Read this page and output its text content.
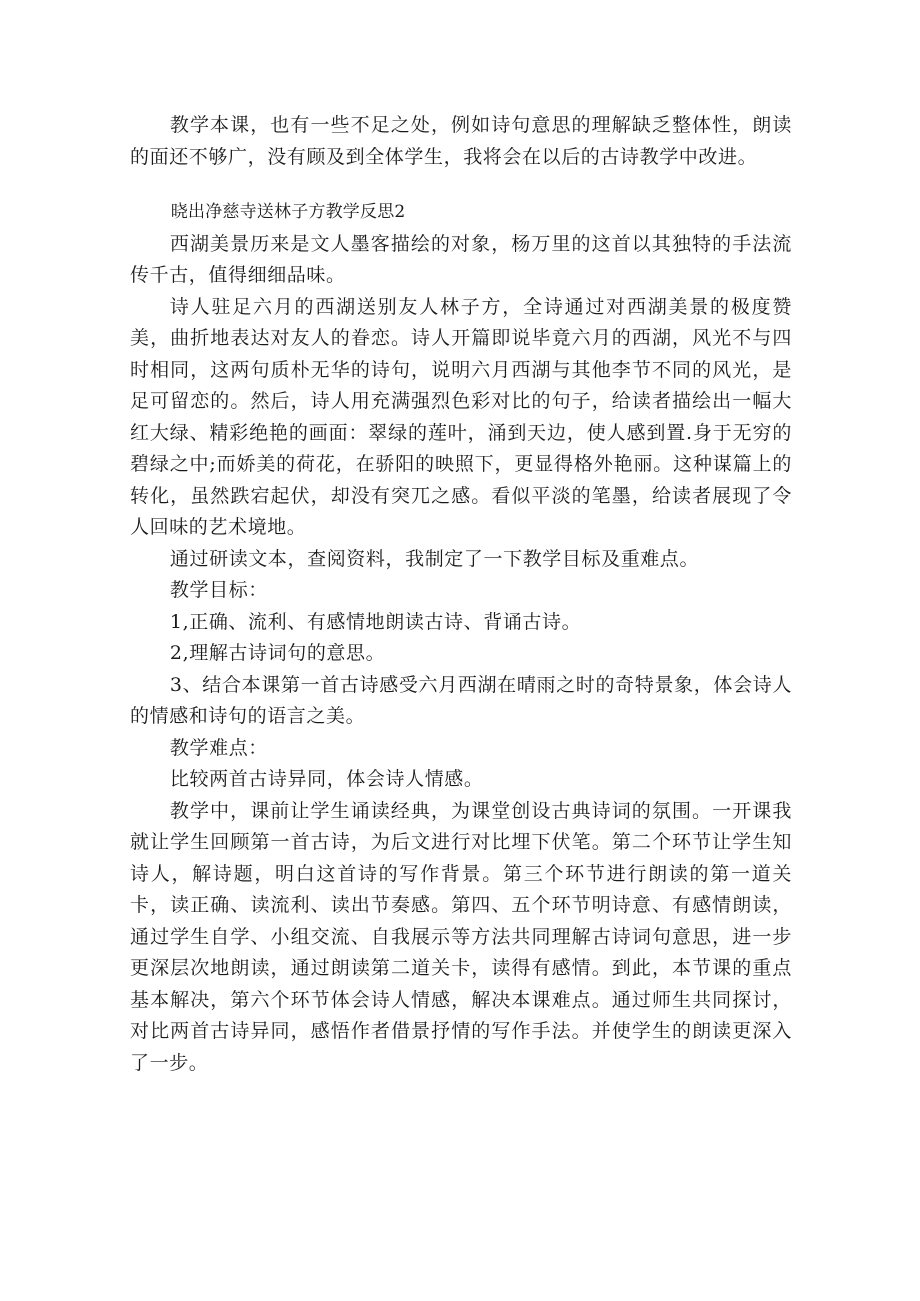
教学本课，也有一些不足之处，例如诗句意思的理解缺乏整体性，朗读的面还不够广，没有顾及到全体学生，我将会在以后的古诗教学中改进。

晓出净慈寺送林子方教学反思2

西湖美景历来是文人墨客描绘的对象，杨万里的这首以其独特的手法流传千古，值得细细品味。

诗人驻足六月的西湖送别友人林子方，全诗通过对西湖美景的极度赞美，曲折地表达对友人的眷恋。诗人开篇即说毕竟六月的西湖，风光不与四时相同，这两句质朴无华的诗句，说明六月西湖与其他李节不同的风光，是足可留恋的。然后，诗人用充满强烈色彩对比的句子，给读者描绘出一幅大红大绿、精彩绝艳的画面：翠绿的莲叶，涌到天边，使人感到置.身于无穷的碧绿之中;而娇美的荷花，在骄阳的映照下，更显得格外艳丽。这种谋篇上的转化，虽然跌宕起伏，却没有突兀之感。看似平淡的笔墨，给读者展现了令人回味的艺术境地。

通过研读文本，查阅资料，我制定了一下教学目标及重难点。

教学目标：

1,正确、流利、有感情地朗读古诗、背诵古诗。

2,理解古诗词句的意思。

3、结合本课第一首古诗感受六月西湖在晴雨之时的奇特景象，体会诗人的情感和诗句的语言之美。

教学难点：

比较两首古诗异同，体会诗人情感。

教学中，课前让学生诵读经典，为课堂创设古典诗词的氛围。一开课我就让学生回顾第一首古诗，为后文进行对比埋下伏笔。第二个环节让学生知诗人，解诗题，明白这首诗的写作背景。第三个环节进行朗读的第一道关卡，读正确、读流利、读出节奏感。第四、五个环节明诗意、有感情朗读，通过学生自学、小组交流、自我展示等方法共同理解古诗词句意思，进一步更深层次地朗读，通过朗读第二道关卡，读得有感情。到此，本节课的重点基本解决，第六个环节体会诗人情感，解决本课难点。通过师生共同探讨，对比两首古诗异同，感悟作者借景抒情的写作手法。并使学生的朗读更深入了一步。
